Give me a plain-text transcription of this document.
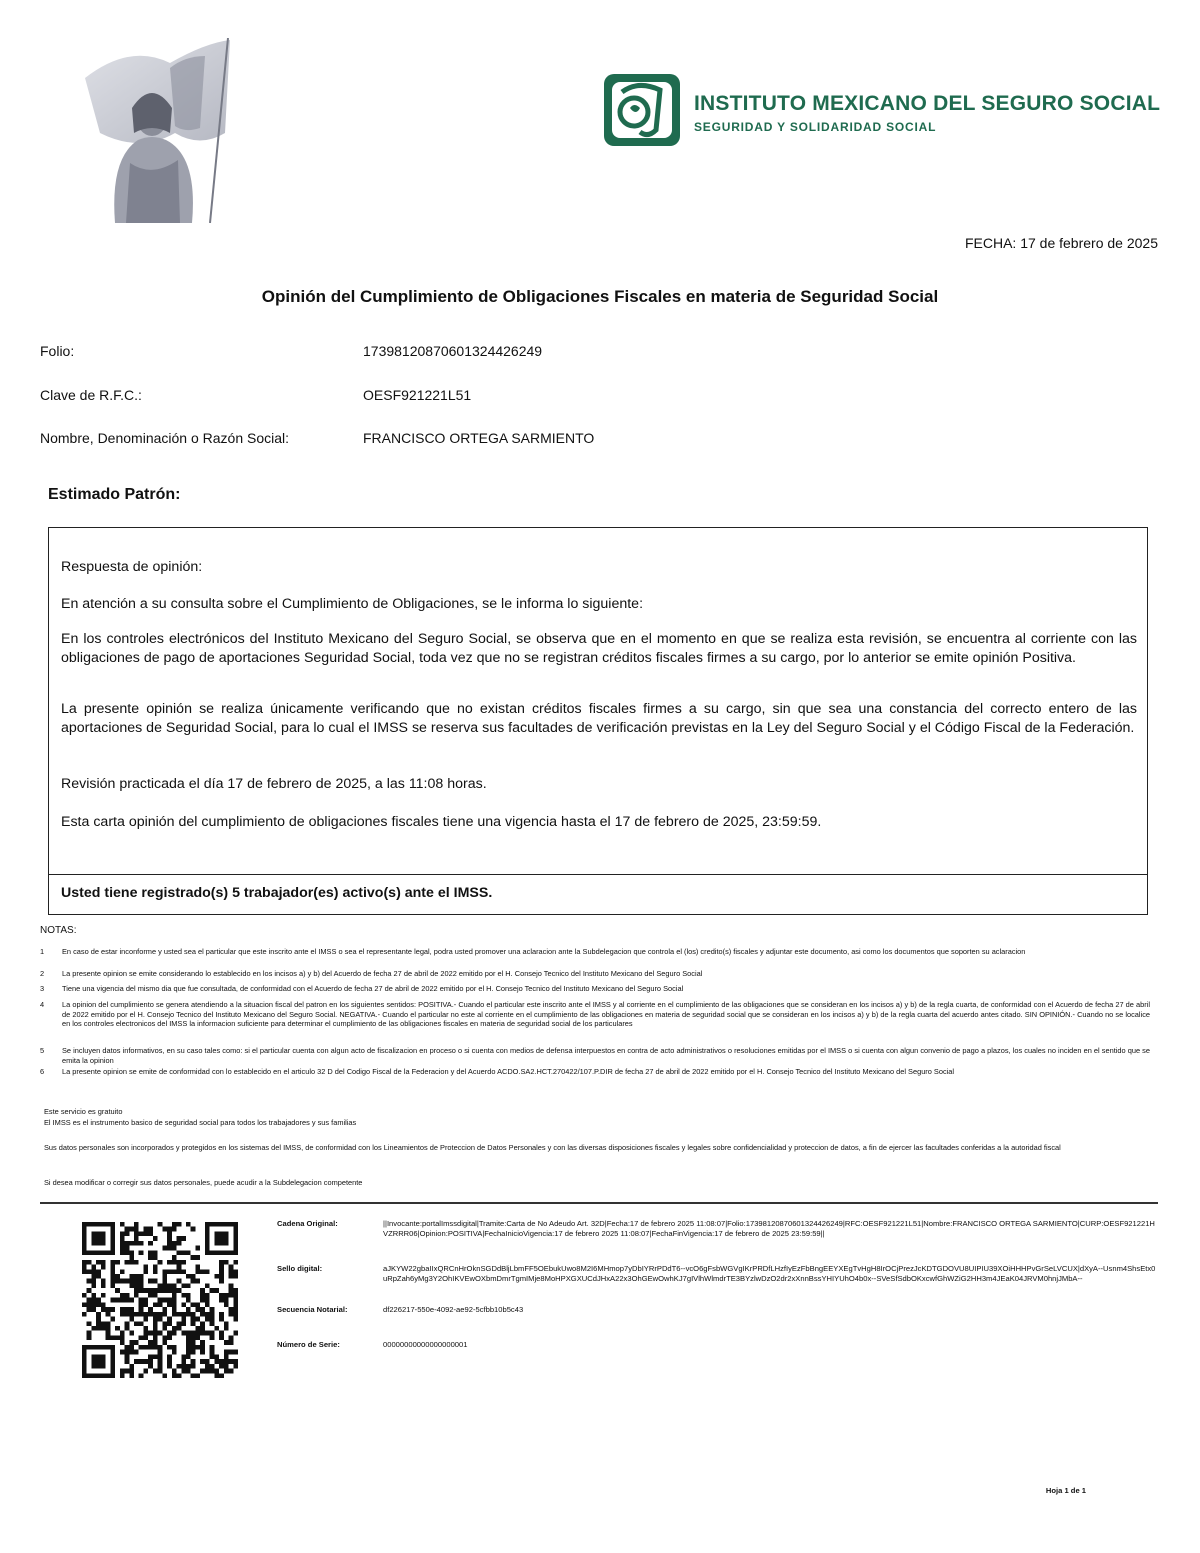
INSTITUTO MEXICANO DEL SEGURO SOCIAL
SEGURIDAD Y SOLIDARIDAD SOCIAL
FECHA: 17 de febrero de 2025
Opinión del Cumplimiento de Obligaciones Fiscales en materia de Seguridad Social
Folio:	1739812087060132442624​9
Clave de R.F.C.:	OESF921221L51
Nombre, Denominación o Razón Social:	FRANCISCO ORTEGA SARMIENTO
Estimado Patrón:
Respuesta de opinión:
En atención a su consulta sobre el Cumplimiento de Obligaciones, se le informa lo siguiente:
En los controles electrónicos del Instituto Mexicano del Seguro Social, se observa que en el momento en que se realiza esta revisión, se encuentra al corriente con las obligaciones de pago de aportaciones Seguridad Social, toda vez que no se registran créditos fiscales firmes a su cargo, por lo anterior se emite opinión Positiva.
La presente opinión se realiza únicamente verificando que no existan créditos fiscales firmes a su cargo, sin que sea una constancia del correcto entero de las aportaciones de Seguridad Social, para lo cual el IMSS se reserva sus facultades de verificación previstas en la Ley del Seguro Social y el Código Fiscal de la Federación.
Revisión practicada el día 17 de febrero de 2025, a las 11:08 horas.
Esta carta opinión del cumplimiento de obligaciones fiscales tiene una vigencia hasta el 17 de febrero de 2025, 23:59:59.
Usted tiene registrado(s) 5 trabajador(es) activo(s) ante el IMSS.
NOTAS:
1 En caso de estar inconforme y usted sea el particular que este inscrito ante el IMSS o sea el representante legal, podra usted promover una aclaracion ante la Subdelegacion que controla el (los) credito(s) fiscales y adjuntar este documento, asi como los documentos que soporten su aclaracion
2 La presente opinion se emite considerando lo establecido en los incisos a) y b) del Acuerdo de fecha 27 de abril de 2022 emitido por el H. Consejo Tecnico del Instituto Mexicano del Seguro Social
3 Tiene una vigencia del mismo dia que fue consultada, de conformidad con el Acuerdo de fecha 27 de abril de 2022 emitido por el H. Consejo Tecnico del Instituto Mexicano del Seguro Social
4 La opinion del cumplimiento se genera atendiendo a la situacion fiscal del patron en los siguientes sentidos: POSITIVA.- Cuando el particular este inscrito ante el IMSS y al corriente en el cumplimiento de las obligaciones que se consideran en los incisos a) y b) de la regla cuarta, de conformidad con el Acuerdo de fecha 27 de abril de 2022 emitido por el H. Consejo Tecnico del Instituto Mexicano del Seguro Social. NEGATIVA.- Cuando el particular no este al corriente en el cumplimiento de las obligaciones en materia de seguridad social que se consideran en los incisos a) y b) de la regla cuarta del acuerdo antes citado. SIN OPINIÓN.- Cuando no se localice en los controles electronicos del IMSS la informacion suficiente para determinar el cumplimiento de las obligaciones fiscales en materia de seguridad social de los particulares
5 Se incluyen datos informativos, en su caso tales como: si el particular cuenta con algun acto de fiscalizacion en proceso o si cuenta con medios de defensa interpuestos en contra de acto administrativos o resoluciones emitidas por el IMSS o si cuenta con algun convenio de pago a plazos, los cuales no inciden en el sentido que se emita la opinion
6 La presente opinion se emite de conformidad con lo establecido en el articulo 32 D del Codigo Fiscal de la Federacion y del Acuerdo ACDO.SA2.HCT.270422/107.P.DIR de fecha 27 de abril de 2022 emitido por el H. Consejo Tecnico del Instituto Mexicano del Seguro Social
Este servicio es gratuito
El IMSS es el instrumento basico de seguridad social para todos los trabajadores y sus familias
Sus datos personales son incorporados y protegidos en los sistemas del IMSS, de conformidad con los Lineamientos de Proteccion de Datos Personales y con las diversas disposiciones fiscales y legales sobre confidencialidad y proteccion de datos, a fin de ejercer las facultades conferidas a la autoridad fiscal
Si desea modificar o corregir sus datos personales, puede acudir a la Subdelegacion competente
Cadena Original:	||Invocante:portalImssdigital|Tramite:Carta de No Adeudo Art. 32D|Fecha:17 de febrero 2025 11:08:07|Folio:17398120870601324426249|RFC:OESF921221L51|Nombre:FRANCISCO ORTEGA SARMIENTO|CURP:OESF921221HVZRRR06|Opinion:POSITIVA|FechaInicioVigencia:17 de febrero 2025 11:08:07|FechaFinVigencia:17 de febrero de 2025 23:59:59||
Sello digital:	aJKYW22gbaIIxQRCnHrOknSGDdBljLbmFF5OEbukUwo8M2I6MHmop7yDbIYRrPDdT6--vcO6gFsbWGVgIKrPRDfLHzfIyEzFbBngEEYXEgTvHgH8IrOCjPrezJcKDTGDOVU8UIPIU39XOiHHHPvGrSeLVCUX|dXyA--Usnm4ShsEtx0uRpZah6yMg3Y2OhIKVEwOXbmDmrTgmIMje8MoHPXGXUCdJHxA22x3OhGEwOwhKJ7gIVlhWlmdrTE3BYzlwDzO2dr2xXnnBssYHIYUhO4b0x--SVeSfSdbOKxcwfGhWZiG2HH3m4JEaK04JRVM0hnjJMbA--
Secuencia Notarial:	df226217-550e-4092-ae92-5cfbb10b5c43
Número de Serie:	00000000000000000001
Hoja 1 de 1
